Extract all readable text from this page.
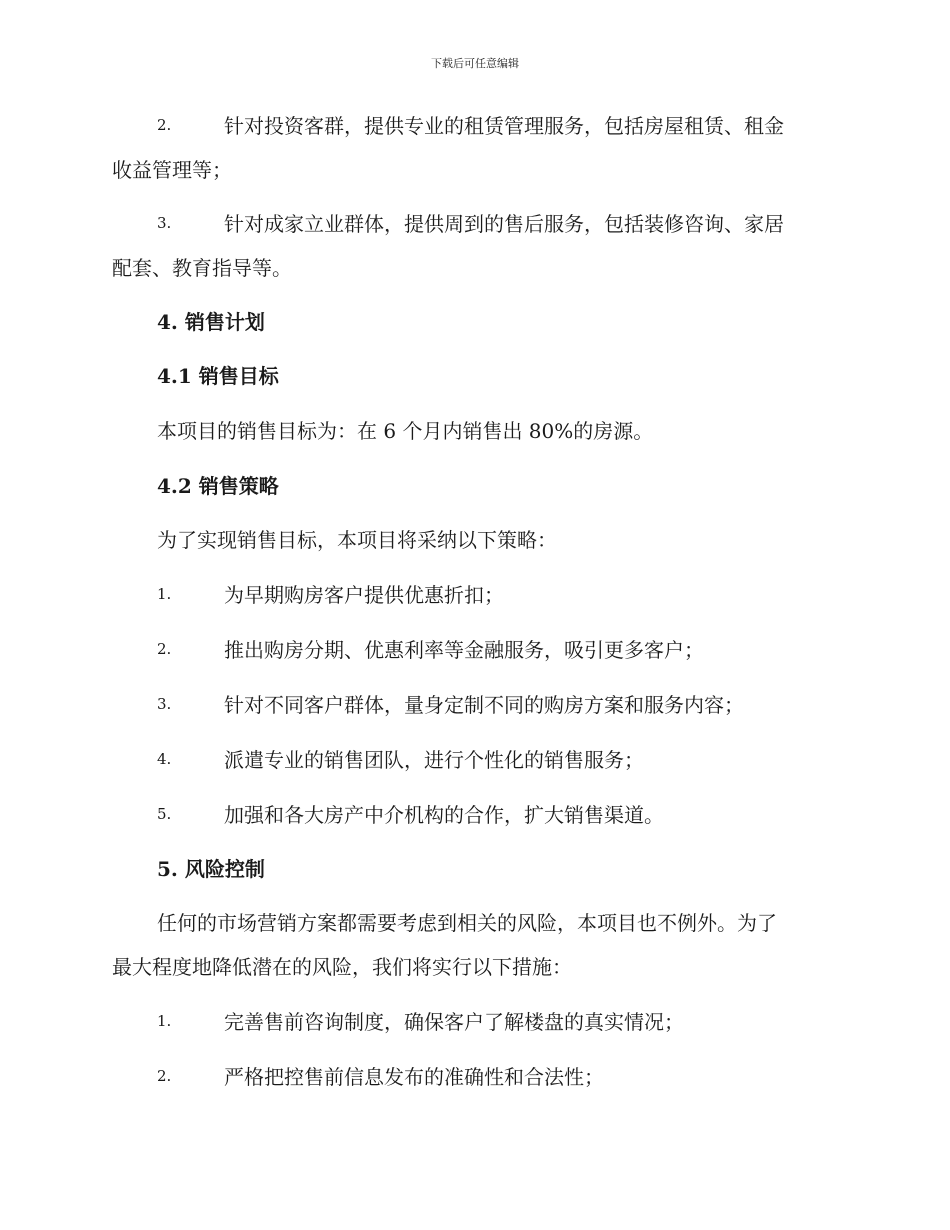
下载后可任意编辑
2.	针对投资客群，提供专业的租赁管理服务，包括房屋租赁、租金
收益管理等；
3.	针对成家立业群体，提供周到的售后服务，包括装修咨询、家居
配套、教育指导等。
4. 销售计划
4.1 销售目标
本项目的销售目标为：在 6 个月内销售出 80%的房源。
4.2 销售策略
为了实现销售目标，本项目将采纳以下策略：
1.	为早期购房客户提供优惠折扣；
2.	推出购房分期、优惠利率等金融服务，吸引更多客户；
3.	针对不同客户群体，量身定制不同的购房方案和服务内容；
4.	派遣专业的销售团队，进行个性化的销售服务；
5.	加强和各大房产中介机构的合作，扩大销售渠道。
5. 风险控制
任何的市场营销方案都需要考虑到相关的风险，本项目也不例外。为了
最大程度地降低潜在的风险，我们将实行以下措施：
1.	完善售前咨询制度，确保客户了解楼盘的真实情况；
2.	严格把控售前信息发布的准确性和合法性；
